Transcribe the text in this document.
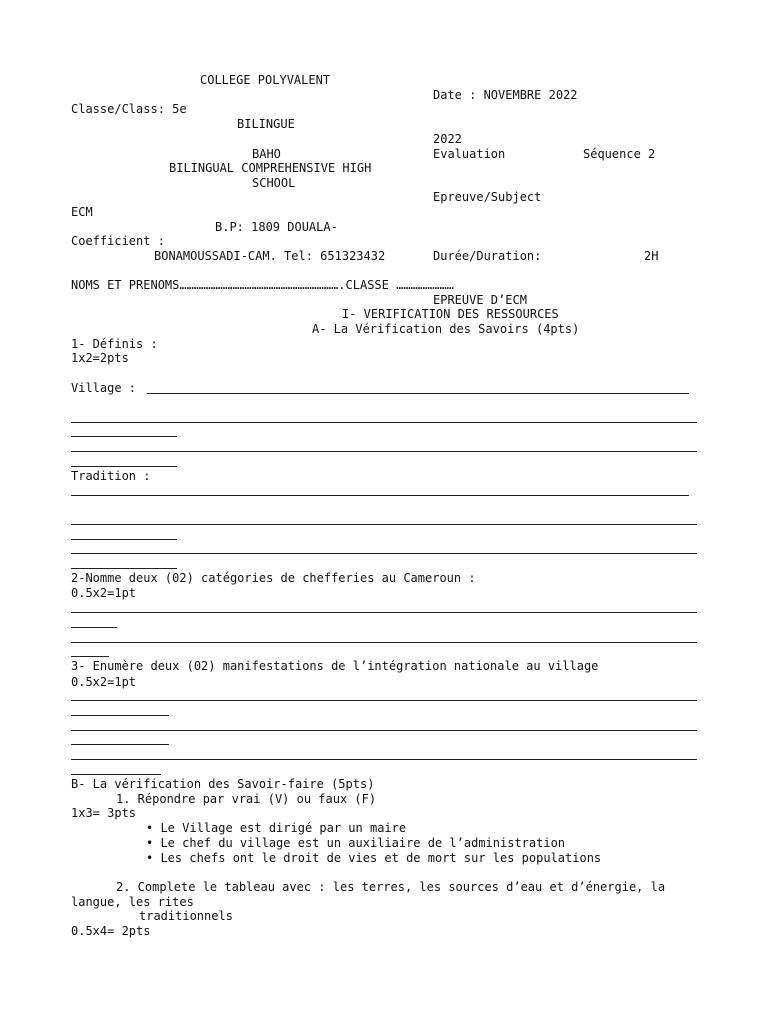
COLLEGE POLYVALENT
Date : NOVEMBRE 2022
Classe/Class: 5e
BILINGUE
2022
BAHO	Evaluation	Séquence 2
BILINGUAL COMPREHENSIVE HIGH
SCHOOL
Epreuve/Subject
ECM
B.P: 1809 DOUALA-
Coefficient :
BONAMOUSSADI-CAM. Tel: 651323432	Durée/Duration:	2H
NOMS ET PRENOMS………………………………………………………….CLASSE ……………………
EPREUVE D’ECM
I- VERIFICATION DES RESSOURCES
A- La Vérification des Savoirs (4pts)
1- Définis :
1x2=2pts
Village :
Tradition :
2-Nomme deux (02) catégories de chefferies au Cameroun :
0.5x2=1pt
3- Enumère deux (02) manifestations de l’intégration nationale au village
0.5x2=1pt
B- La vérification des Savoir-faire (5pts)
1. Répondre par vrai (V) ou faux (F)
1x3= 3pts
• Le Village est dirigé par un maire
• Le chef du village est un auxiliaire de l’administration
• Les chefs ont le droit de vies et de mort sur les populations
2. Complete le tableau avec : les terres, les sources d’eau et d’énergie, la
langue, les rites
traditionnels
0.5x4= 2pts
